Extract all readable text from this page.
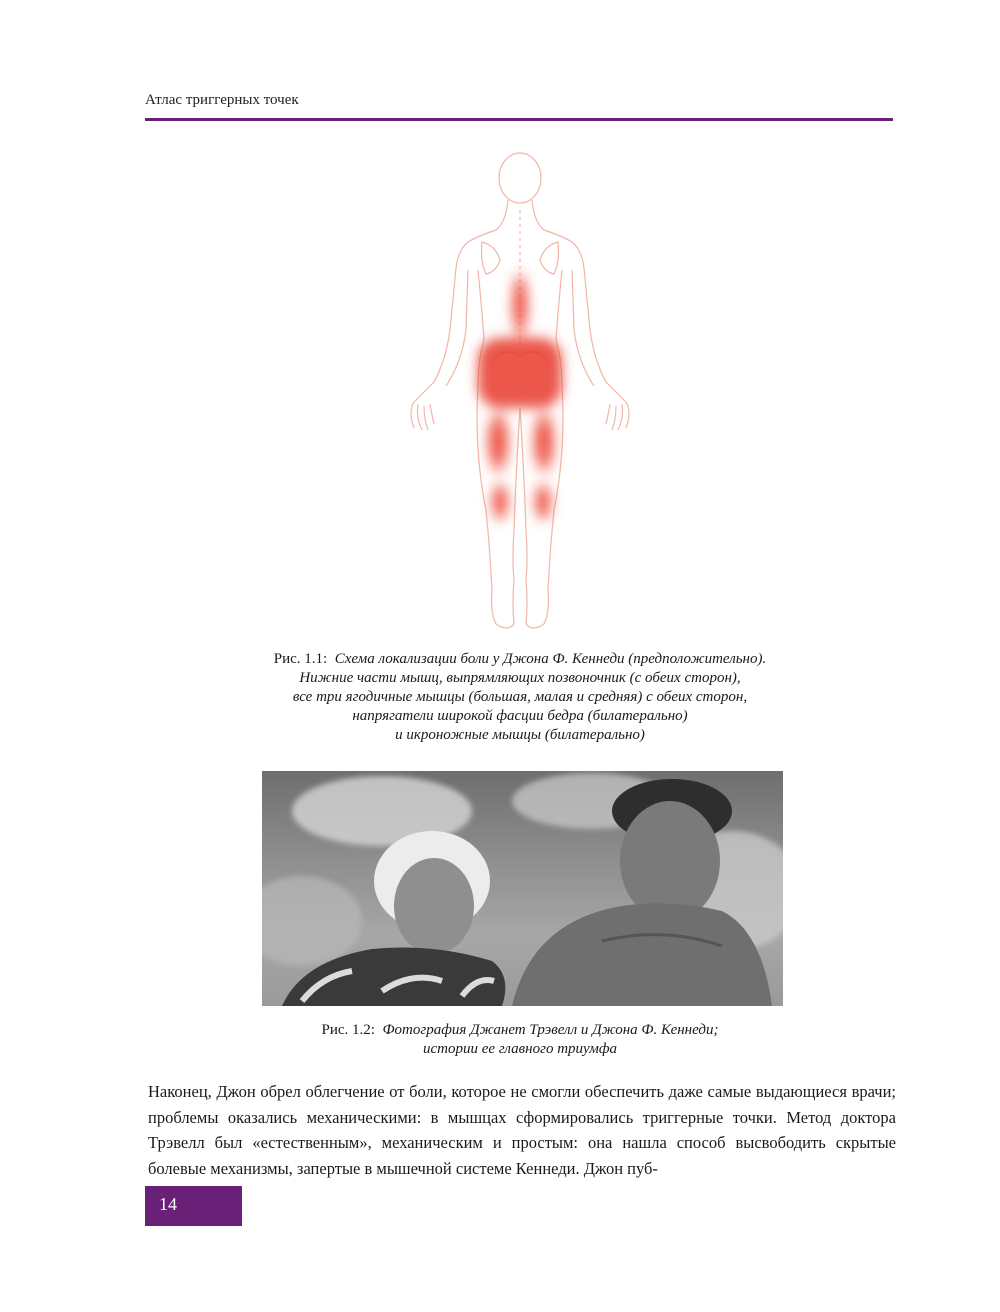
Атлас триггерных точек
Рис. 1.1: Схема локализации боли у Джона Ф. Кеннеди (предположительно).
Нижние части мышц, выпрямляющих позвоночник (с обеих сторон),
все три ягодичные мышцы (большая, малая и средняя) с обеих сторон,
напрягатели широкой фасции бедра (билатерально)
и икроножные мышцы (билатерально)
Рис. 1.2: Фотография Джанет Трэвелл и Джона Ф. Кеннеди;
истории ее главного триумфа

Наконец, Джон обрел облегчение от боли, которое не смогли обеспечить даже самые выдающиеся врачи; проблемы оказались механическими: в мышцах сформировались триггерные точки. Метод доктора Трэвелл был «естественным», механическим и простым: она нашла способ высвободить скрытые болевые механизмы, запертые в мышечной системе Кеннеди. Джон пуб-

14
